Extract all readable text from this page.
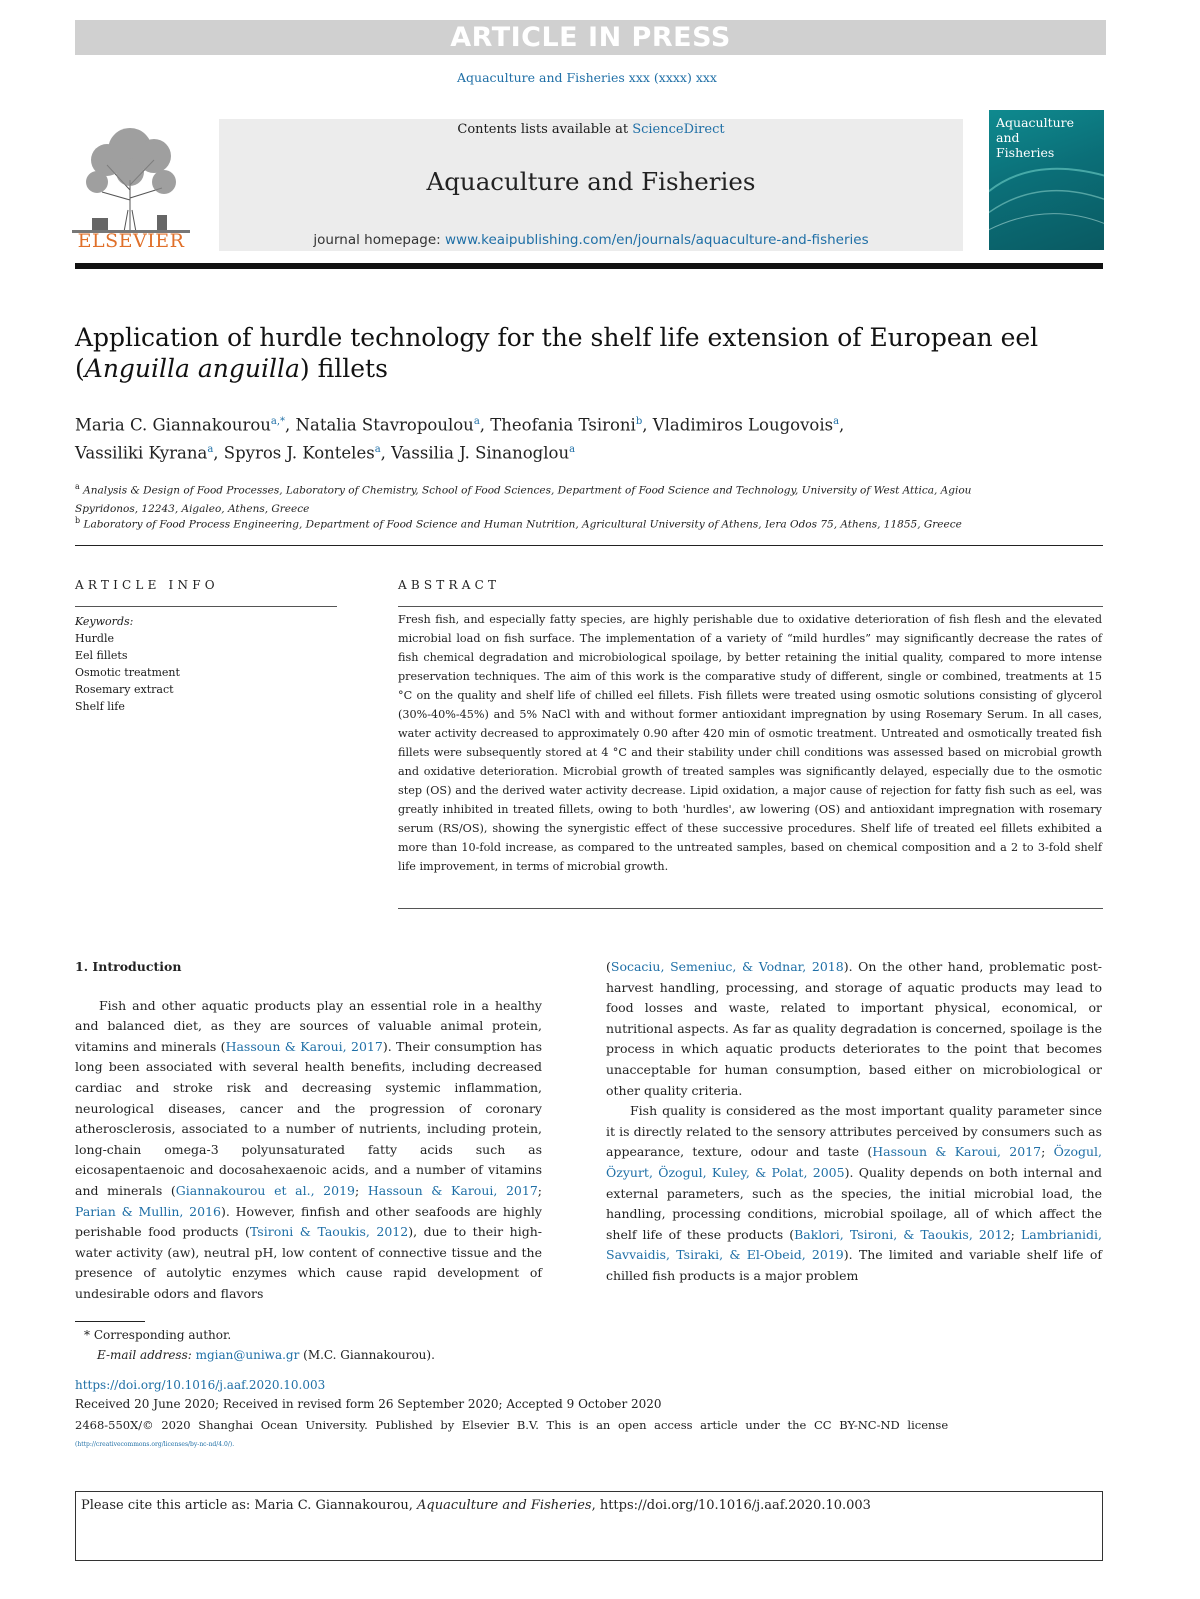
ARTICLE IN PRESS
Aquaculture and Fisheries xxx (xxxx) xxx
ELSEVIER
Contents lists available at ScienceDirect
Aquaculture and Fisheries
journal homepage: www.keaipublishing.com/en/journals/aquaculture-and-fisheries
Aquaculture
and
Fisheries
Application of hurdle technology for the shelf life extension of European eel
(Anguilla anguilla) fillets
Maria C. Giannakourou$^{a,*}$, Natalia Stavropoulou$^a$, Theofania Tsironi$^b$, Vladimiros Lougovois$^a$,
Vassiliki Kyrana$^a$, Spyros J. Konteles$^a$, Vassilia J. Sinanoglou$^a$
$^a$ Analysis & Design of Food Processes, Laboratory of Chemistry, School of Food Sciences, Department of Food Science and Technology, University of West Attica, Agiou
Spyridonos, 12243, Aigaleo, Athens, Greece
$^b$ Laboratory of Food Process Engineering, Department of Food Science and Human Nutrition, Agricultural University of Athens, Iera Odos 75, Athens, 11855, Greece
ARTICLE INFO	ABSTRACT
Keywords:
Hurdle
Eel fillets
Osmotic treatment
Rosemary extract
Shelf life
Fresh fish, and especially fatty species, are highly perishable due to oxidative deterioration of fish flesh and the elevated microbial load on fish surface. The implementation of a variety of “mild hurdles” may significantly decrease the rates of fish chemical degradation and microbiological spoilage, by better retaining the initial quality, compared to more intense preservation techniques. The aim of this work is the comparative study of different, single or combined, treatments at 15 °C on the quality and shelf life of chilled eel fillets. Fish fillets were treated using osmotic solutions consisting of glycerol (30%-40%-45%) and 5% NaCl with and without former antioxidant impregnation by using Rosemary Serum. In all cases, water activity decreased to approximately 0.90 after 420 min of osmotic treatment. Untreated and osmotically treated fish fillets were subsequently stored at 4 °C and their stability under chill conditions was assessed based on microbial growth and oxidative deterioration. Microbial growth of treated samples was significantly delayed, especially due to the osmotic step (OS) and the derived water activity decrease. Lipid oxidation, a major cause of rejection for fatty fish such as eel, was greatly inhibited in treated fillets, owing to both 'hurdles', aw lowering (OS) and antioxidant impregnation with rosemary serum (RS/OS), showing the synergistic effect of these successive procedures. Shelf life of treated eel fillets exhibited a more than 10-fold increase, as compared to the untreated samples, based on chemical composition and a 2 to 3-fold shelf life improvement, in terms of microbial growth.
1. Introduction
Fish and other aquatic products play an essential role in a healthy and balanced diet, as they are sources of valuable animal protein, vitamins and minerals (Hassoun & Karoui, 2017). Their consumption has long been associated with several health benefits, including decreased cardiac and stroke risk and decreasing systemic inflammation, neurological diseases, cancer and the progression of coronary atherosclerosis, associated to a number of nutrients, including protein, long-chain omega-3 polyunsaturated fatty acids such as eicosapentaenoic and docosahexaenoic acids, and a number of vitamins and minerals (Giannakourou et al., 2019; Hassoun & Karoui, 2017; Parian & Mullin, 2016). However, finfish and other seafoods are highly perishable food products (Tsironi & Taoukis, 2012), due to their high-water activity (aw), neutral pH, low content of connective tissue and the presence of autolytic enzymes which cause rapid development of undesirable odors and flavors
(Socaciu, Semeniuc, & Vodnar, 2018). On the other hand, problematic post-harvest handling, processing, and storage of aquatic products may lead to food losses and waste, related to important physical, economical, or nutritional aspects. As far as quality degradation is concerned, spoilage is the process in which aquatic products deteriorates to the point that becomes unacceptable for human consumption, based either on microbiological or other quality criteria.
Fish quality is considered as the most important quality parameter since it is directly related to the sensory attributes perceived by consumers such as appearance, texture, odour and taste (Hassoun & Karoui, 2017; Özogul, Özyurt, Özogul, Kuley, & Polat, 2005). Quality depends on both internal and external parameters, such as the species, the initial microbial load, the handling, processing conditions, microbial spoilage, all of which affect the shelf life of these products (Baklori, Tsironi, & Taoukis, 2012; Lambrianidi, Savvaidis, Tsiraki, & El-Obeid, 2019). The limited and variable shelf life of chilled fish products is a major problem
* Corresponding author.
E-mail address: mgian@uniwa.gr (M.C. Giannakourou).
https://doi.org/10.1016/j.aaf.2020.10.003
Received 20 June 2020; Received in revised form 26 September 2020; Accepted 9 October 2020
2468-550X/© 2020 Shanghai Ocean University. Published by Elsevier B.V. This is an open access article under the CC BY-NC-ND license
(http://creativecommons.org/licenses/by-nc-nd/4.0/).
Please cite this article as: Maria C. Giannakourou, Aquaculture and Fisheries, https://doi.org/10.1016/j.aaf.2020.10.003
